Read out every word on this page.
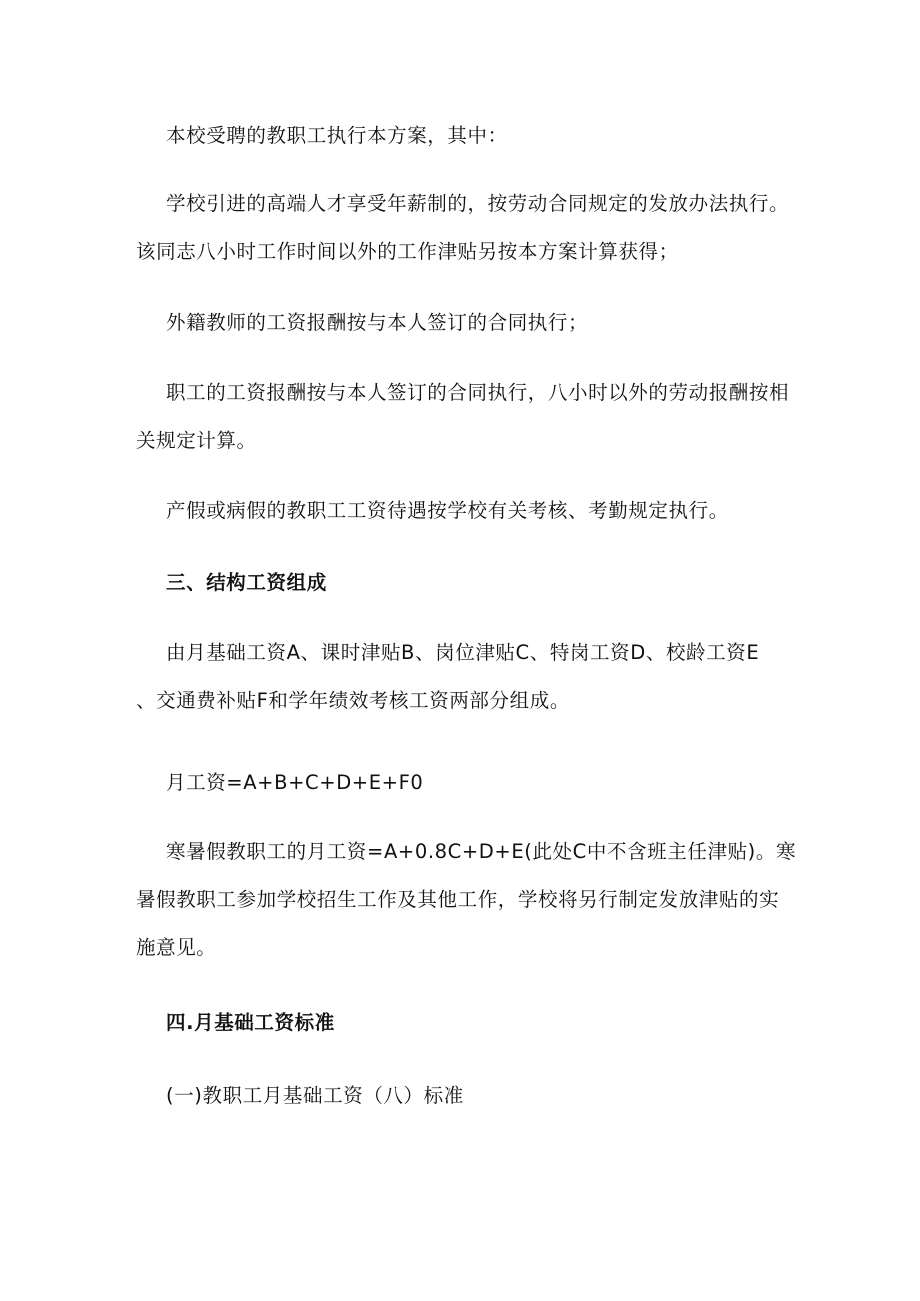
本校受聘的教职工执行本方案，其中：

学校引进的高端人才享受年薪制的，按劳动合同规定的发放办法执行。

该同志八小时工作时间以外的工作津贴另按本方案计算获得；

外籍教师的工资报酬按与本人签订的合同执行；

职工的工资报酬按与本人签订的合同执行，八小时以外的劳动报酬按相

关规定计算。

产假或病假的教职工工资待遇按学校有关考核、考勤规定执行。

三、结构工资组成

由月基础工资A、课时津贴B、岗位津贴C、特岗工资D、校龄工资E

、交通费补贴F和学年绩效考核工资两部分组成。

月工资=A+B+C+D+E+F0

寒暑假教职工的月工资=A+0.8C+D+E(此处C中不含班主任津贴)。寒

暑假教职工参加学校招生工作及其他工作，学校将另行制定发放津贴的实

施意见。

四.月基础工资标准

(一)教职工月基础工资（八）标准
